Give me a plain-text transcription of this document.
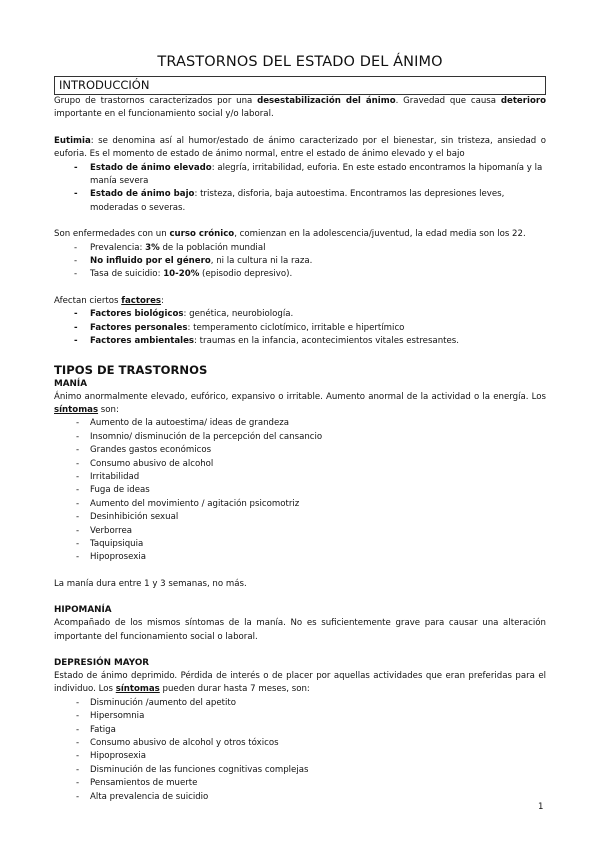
TRASTORNOS DEL ESTADO DEL ÁNIMO
INTRODUCCIÓN

Grupo de trastornos caracterizados por una desestabilización del ánimo. Gravedad que causa deterioro importante en el funcionamiento social y/o laboral.

Eutimia: se denomina así al humor/estado de ánimo caracterizado por el bienestar, sin tristeza, ansiedad o euforia. Es el momento de estado de ánimo normal, entre el estado de ánimo elevado y el bajo

- Estado de ánimo elevado: alegría, irritabilidad, euforia. En este estado encontramos la hipomanía y la manía severa
- Estado de ánimo bajo: tristeza, disforia, baja autoestima. Encontramos las depresiones leves, moderadas o severas.

Son enfermedades con un curso crónico, comienzan en la adolescencia/juventud, la edad media son los 22.

- Prevalencia: 3% de la población mundial
- No influido por el género, ni la cultura ni la raza.
- Tasa de suicidio: 10-20% (episodio depresivo).

Afectan ciertos factores:

- Factores biológicos: genética, neurobiología.
- Factores personales: temperamento ciclotímico, irritable e hipertímico
- Factores ambientales: traumas en la infancia, acontecimientos vitales estresantes.
TIPOS DE TRASTORNOS
MANÍA

Ánimo anormalmente elevado, eufórico, expansivo o irritable. Aumento anormal de la actividad o la energía. Los síntomas son:

- Aumento de la autoestima/ ideas de grandeza
- Insomnio/ disminución de la percepción del cansancio
- Grandes gastos económicos
- Consumo abusivo de alcohol
- Irritabilidad
- Fuga de ideas
- Aumento del movimiento / agitación psicomotriz
- Desinhibición sexual
- Verborrea
- Taquipsiquia
- Hipoprosexia

La manía dura entre 1 y 3 semanas, no más.

HIPOMANÍA

Acompañado de los mismos síntomas de la manía. No es suficientemente grave para causar una alteración importante del funcionamiento social o laboral.

DEPRESIÓN MAYOR

Estado de ánimo deprimido. Pérdida de interés o de placer por aquellas actividades que eran preferidas para el individuo. Los síntomas pueden durar hasta 7 meses, son:

- Disminución /aumento del apetito
- Hipersomnia
- Fatiga
- Consumo abusivo de alcohol y otros tóxicos
- Hipoprosexia
- Disminución de las funciones cognitivas complejas
- Pensamientos de muerte
- Alta prevalencia de suicidio
1
